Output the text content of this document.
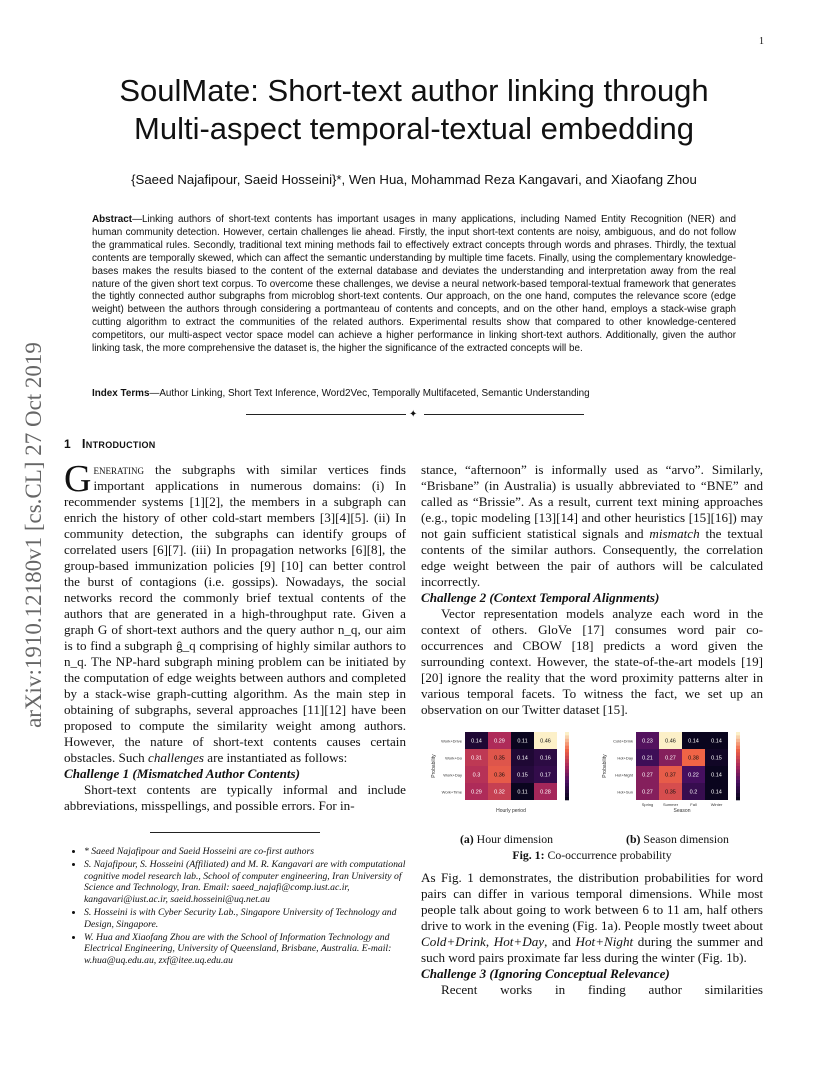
1
SoulMate: Short-text author linking through
Multi-aspect temporal-textual embedding
{Saeed Najafipour, Saeid Hosseini}*, Wen Hua, Mohammad Reza Kangavari, and Xiaofang Zhou
Abstract—Linking authors of short-text contents has important usages in many applications, including Named Entity Recognition (NER) and human community detection. However, certain challenges lie ahead. Firstly, the input short-text contents are noisy, ambiguous, and do not follow the grammatical rules. Secondly, traditional text mining methods fail to effectively extract concepts through words and phrases. Thirdly, the textual contents are temporally skewed, which can affect the semantic understanding by multiple time facets. Finally, using the complementary knowledge-bases makes the results biased to the content of the external database and deviates the understanding and interpretation away from the real nature of the given short text corpus. To overcome these challenges, we devise a neural network-based temporal-textual framework that generates the tightly connected author subgraphs from microblog short-text contents. Our approach, on the one hand, computes the relevance score (edge weight) between the authors through considering a portmanteau of contents and concepts, and on the other hand, employs a stack-wise graph cutting algorithm to extract the communities of the related authors. Experimental results show that compared to other knowledge-centered competitors, our multi-aspect vector space model can achieve a higher performance in linking short-text authors. Additionally, given the author linking task, the more comprehensive the dataset is, the higher the significance of the extracted concepts will be.
Index Terms—Author Linking, Short Text Inference, Word2Vec, Temporally Multifaceted, Semantic Understanding
✦
arXiv:1910.12180v1 [cs.CL] 27 Oct 2019 1 Introduction

Generating the subgraphs with similar vertices finds important applications in numerous domains: (i) In recommender systems [1][2], the members in a subgraph can enrich the history of other cold-start members [3][4][5]. (ii) In community detection, the subgraphs can identify groups of correlated users [6][7]. (iii) In propagation networks [6][8], the group-based immunization policies [9] [10] can better control the burst of contagions (i.e. gossips). Nowadays, the social networks record the commonly brief textual contents of the authors that are generated in a high-throughput rate. Given a graph G of short-text authors and the query author n_q, our aim is to find a subgraph ĝ_q comprising of highly similar authors to n_q. The NP-hard subgraph mining problem can be initiated by the computation of edge weights between authors and completed by a stack-wise graph-cutting algorithm. As the main step in obtaining of subgraphs, several approaches [11][12] have been proposed to compute the similarity weight among authors. However, the nature of short-text contents causes certain obstacles. Such challenges are instantiated as follows:

Challenge 1 (Mismatched Author Contents)

Short-text contents are typically informal and include abbreviations, misspellings, and possible errors. For in-

• * Saeed Najafipour and Saeid Hosseini are co-first authors
• S. Najafipour, S. Hosseini (Affiliated) and M. R. Kangavari are with computational cognitive model research lab., School of computer engineering, Iran University of Science and Technology, Iran. Email: saeed_najafi@comp.iust.ac.ir, kangavari@iust.ac.ir, saeid.hosseini@uq.net.au
• S. Hosseini is with Cyber Security Lab., Singapore University of Technology and Design, Singapore.
• W. Hua and Xiaofang Zhou are with the School of Information Technology and Electrical Engineering, University of Queensland, Brisbane, Australia. E-mail: w.hua@uq.edu.au, zxf@itee.uq.edu.au

stance, “afternoon” is informally used as “arvo”. Similarly, “Brisbane” (in Australia) is usually abbreviated to “BNE” and called as “Brissie”. As a result, current text mining approaches (e.g., topic modeling [13][14] and other heuristics [15][16]) may not gain sufficient statistical signals and mismatch the textual contents of the similar authors. Consequently, the correlation edge weight between the pair of authors will be calculated incorrectly.

Challenge 2 (Context Temporal Alignments)

Vector representation models analyze each word in the context of others. GloVe [17] consumes word pair co-occurrences and CBOW [18] predicts a word given the surrounding context. However, the state-of-the-art models [19][20] ignore the reality that the word proximity patterns alter in various temporal facets. To witness the fact, we set up an observation on our Twitter dataset [15].

0.14 0.29 0.11 0.46
Work+Drive
0.31 0.35 0.14 0.16
Work+Go
0.3	0.36 0.15 0.17
Work+Day
0.29 0.32 0.11 0.28
Work+Time
Hourly period
Probability
0.23 0.46 0.14 0.14
Cold+Drink
0.21 0.27 0.38 0.15
Hot+Day
0.27 0.37 0.22 0.14
Hot+Night
0.27 0.35	0.2	0.14
Hot+Sun
Season
Probability
Spring Summer	Fall	Winter
(a) Hour dimension	(b) Season dimension
Fig. 1: Co-occurrence probability

As Fig. 1 demonstrates, the distribution probabilities for word pairs can differ in various temporal dimensions. While most people talk about going to work between 6 to 11 am, half others drive to work in the evening (Fig. 1a). People mostly tweet about Cold+Drink, Hot+Day, and Hot+Night during the summer and such word pairs proximate far less during the winter (Fig. 1b).

Challenge 3 (Ignoring Conceptual Relevance)

Recent works in finding author similarities
